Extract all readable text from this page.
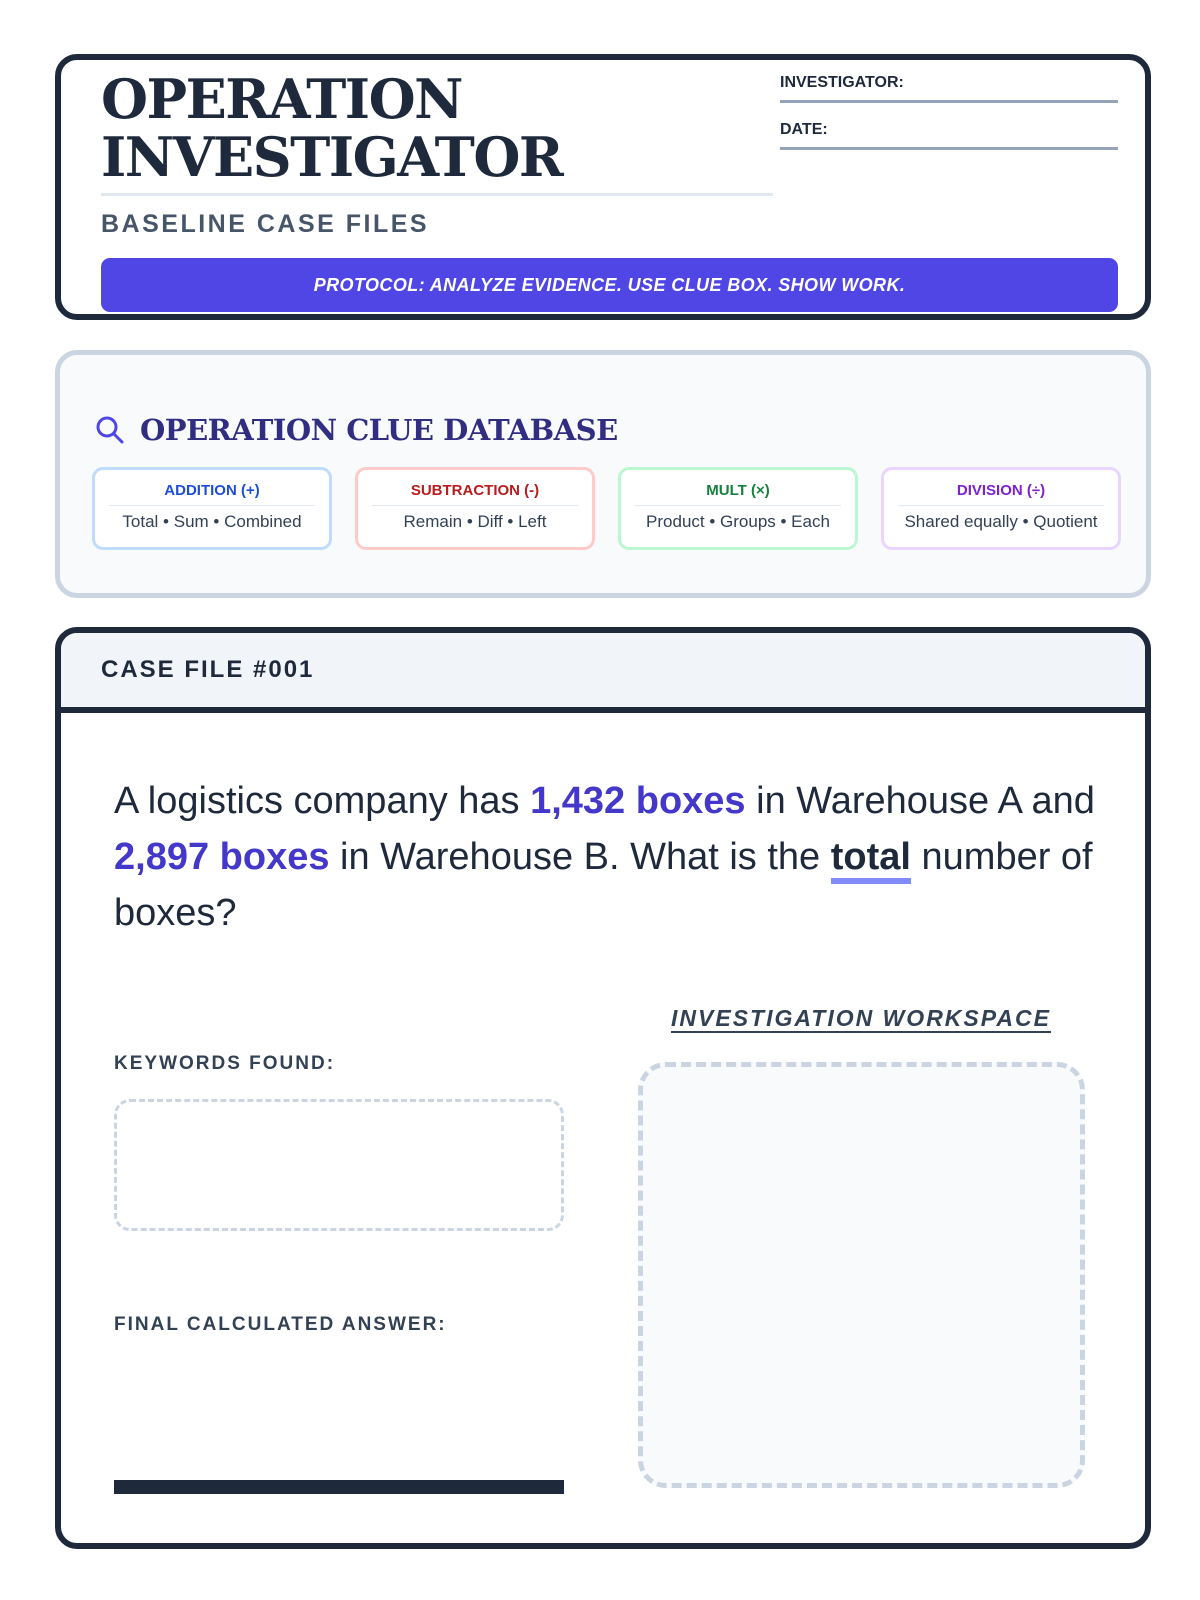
OPERATION
INVESTIGATOR
BASELINE CASE FILES
INVESTIGATOR:
DATE:
PROTOCOL: ANALYZE EVIDENCE. USE CLUE BOX. SHOW WORK.
OPERATION CLUE DATABASE
ADDITION (+)
Total • Sum • Combined
SUBTRACTION (-)
Remain • Diff • Left
MULT (×)
Product • Groups • Each
DIVISION (÷)
Shared equally • Quotient
CASE FILE #001

A logistics company has 1,432 boxes in Warehouse A and 2,897 boxes in Warehouse B. What is the total number of boxes?

KEYWORDS FOUND:
FINAL CALCULATED ANSWER:
INVESTIGATION WORKSPACE
